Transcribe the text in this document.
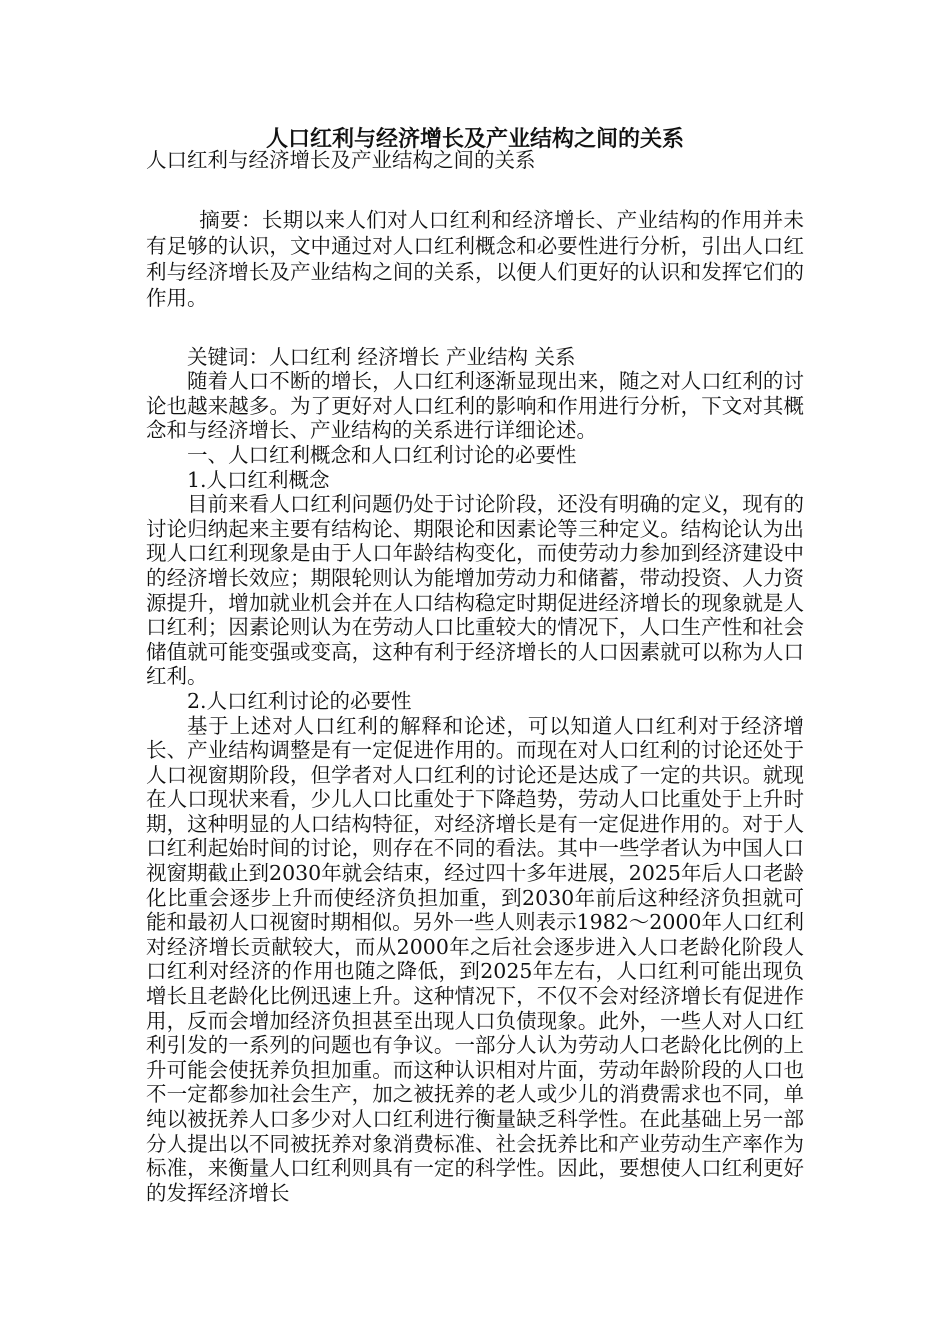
人口红利与经济增长及产业结构之间的关系

人口红利与经济增长及产业结构之间的关系

摘要：长期以来人们对人口红利和经济增长、产业结构的作用并未有足够的认识，文中通过对人口红利概念和必要性进行分析，引出人口红利与经济增长及产业结构之间的关系，以便人们更好的认识和发挥它们的作用。

关键词：人口红利 经济增长 产业结构 关系

随着人口不断的增长，人口红利逐渐显现出来，随之对人口红利的讨论也越来越多。为了更好对人口红利的影响和作用进行分析，下文对其概念和与经济增长、产业结构的关系进行详细论述。

一、人口红利概念和人口红利讨论的必要性

1.人口红利概念

目前来看人口红利问题仍处于讨论阶段，还没有明确的定义，现有的讨论归纳起来主要有结构论、期限论和因素论等三种定义。结构论认为出现人口红利现象是由于人口年龄结构变化，而使劳动力参加到经济建设中的经济增长效应；期限轮则认为能增加劳动力和储蓄，带动投资、人力资源提升，增加就业机会并在人口结构稳定时期促进经济增长的现象就是人口红利；因素论则认为在劳动人口比重较大的情况下，人口生产性和社会储值就可能变强或变高，这种有利于经济增长的人口因素就可以称为人口红利。

2.人口红利讨论的必要性

基于上述对人口红利的解释和论述，可以知道人口红利对于经济增长、产业结构调整是有一定促进作用的。而现在对人口红利的讨论还处于人口视窗期阶段，但学者对人口红利的讨论还是达成了一定的共识。就现在人口现状来看，少儿人口比重处于下降趋势，劳动人口比重处于上升时期，这种明显的人口结构特征，对经济增长是有一定促进作用的。对于人口红利起始时间的讨论，则存在不同的看法。其中一些学者认为中国人口视窗期截止到2030年就会结束，经过四十多年进展，2025年后人口老龄化比重会逐步上升而使经济负担加重，到2030年前后这种经济负担就可能和最初人口视窗时期相似。另外一些人则表示1982～2000年人口红利对经济增长贡献较大，而从2000年之后社会逐步进入人口老龄化阶段人口红利对经济的作用也随之降低，到2025年左右，人口红利可能出现负增长且老龄化比例迅速上升。这种情况下，不仅不会对经济增长有促进作用，反而会增加经济负担甚至出现人口负债现象。此外，一些人对人口红利引发的一系列的问题也有争议。一部分人认为劳动人口老龄化比例的上升可能会使抚养负担加重。而这种认识相对片面，劳动年龄阶段的人口也不一定都参加社会生产，加之被抚养的老人或少儿的消费需求也不同，单纯以被抚养人口多少对人口红利进行衡量缺乏科学性。在此基础上另一部分人提出以不同被抚养对象消费标准、社会抚养比和产业劳动生产率作为标准，来衡量人口红利则具有一定的科学性。因此，要想使人口红利更好的发挥经济增长
